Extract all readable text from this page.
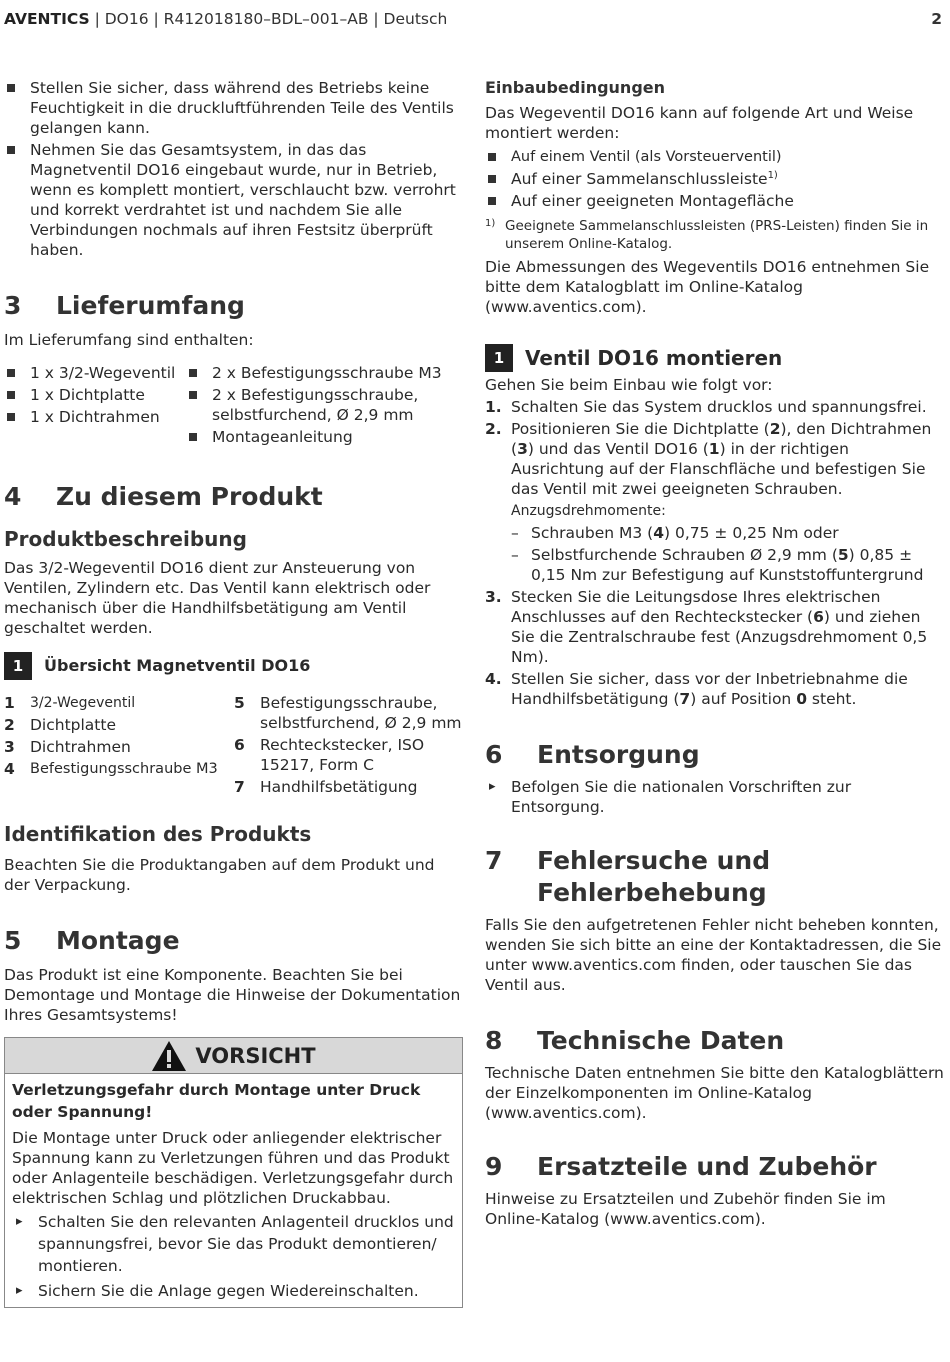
AVENTICS | DO16 | R412018180–BDL–001–AB | Deutsch	2
Stellen Sie sicher, dass während des Betriebs keine Feuchtigkeit in die druckluftführenden Teile des Ventils gelangen kann.
Nehmen Sie das Gesamtsystem, in das das Magnetventil DO16 eingebaut wurde, nur in Betrieb, wenn es komplett montiert, verschlaucht bzw. verrohrt und korrekt verdrahtet ist und nachdem Sie alle Verbindungen nochmals auf ihren Festsitz überprüft haben.
3 Lieferumfang

Im Lieferumfang sind enthalten:

1 x 3/2-Wegeventil
1 x Dichtplatte
1 x Dichtrahmen
2 x Befestigungsschraube M3
2 x Befestigungsschraube, selbstfurchend, Ø 2,9 mm
Montageanleitung
4 Zu diesem Produkt
Produktbeschreibung

Das 3/2-Wegeventil DO16 dient zur Ansteuerung von Ventilen, Zylindern etc. Das Ventil kann elektrisch oder mechanisch über die Handhilfsbetätigung am Ventil geschaltet werden.

1	Übersicht Magnetventil DO16
1	3/2-Wegeventil
2 Dichtplatte
3 Dichtrahmen
4	Befestigungsschraube M3
5 Befestigungsschraube, selbstfurchend, Ø 2,9 mm
6 Rechteckstecker, ISO 15217, Form C
7 Handhilfsbetätigung
Identifikation des Produkts

Beachten Sie die Produktangaben auf dem Produkt und der Verpackung.

5 Montage

Das Produkt ist eine Komponente. Beachten Sie bei Demontage und Montage die Hinweise der Dokumentation Ihres Gesamtsystems!

VORSICHT

Verletzungsgefahr durch Montage unter Druck oder Spannung!

Die Montage unter Druck oder anliegender elektrischer Spannung kann zu Verletzungen führen und das Produkt oder Anlagenteile beschädigen. Verletzungsgefahr durch elektrischen Schlag und plötzlichen Druckabbau.

▸ Schalten Sie den relevanten Anlagenteil drucklos und spannungsfrei, bevor Sie das Produkt demontieren/ montieren.
▸ Sichern Sie die Anlage gegen Wiedereinschalten.
Einbaubedingungen

Das Wegeventil DO16 kann auf folgende Art und Weise montiert werden:

Auf einem Ventil (als Vorsteuerventil)
Auf einer Sammelanschlussleiste$^{1)}$
Auf einer geeigneten Montagefläche

1) Geeignete Sammelanschlussleisten (PRS-Leisten) finden Sie in unserem Online-Katalog.

Die Abmessungen des Wegeventils DO16 entnehmen Sie bitte dem Katalogblatt im Online-Katalog (www.aventics.com).

1	Ventil DO16 montieren

Gehen Sie beim Einbau wie folgt vor:

1. Schalten Sie das System drucklos und spannungsfrei.
2. Positionieren Sie die Dichtplatte (2), den Dichtrahmen (3) und das Ventil DO16 (1) in der richtigen Ausrichtung auf der Flanschfläche und befestigen Sie das Ventil mit zwei geeigneten Schrauben.
Anzugsdrehmomente:
– Schrauben M3 (4) 0,75 ± 0,25 Nm oder
– Selbstfurchende Schrauben Ø 2,9 mm (5) 0,85 ± 0,15 Nm zur Befestigung auf Kunststoffuntergrund
3. Stecken Sie die Leitungsdose Ihres elektrischen Anschlusses auf den Rechteckstecker (6) und ziehen Sie die Zentralschraube fest (Anzugsdrehmoment 0,5 Nm).
4. Stellen Sie sicher, dass vor der Inbetriebnahme die Handhilfsbetätigung (7) auf Position 0 steht.
6 Entsorgung
▸ Befolgen Sie die nationalen Vorschriften zur Entsorgung.
7 Fehlersuche und
Fehlerbehebung

Falls Sie den aufgetretenen Fehler nicht beheben konnten, wenden Sie sich bitte an eine der Kontaktadressen, die Sie unter www.aventics.com finden, oder tauschen Sie das Ventil aus.

8 Technische Daten

Technische Daten entnehmen Sie bitte den Katalogblättern der Einzelkomponenten im Online-Katalog (www.aventics.com).

9 Ersatzteile und Zubehör

Hinweise zu Ersatzteilen und Zubehör finden Sie im Online-Katalog (www.aventics.com).
